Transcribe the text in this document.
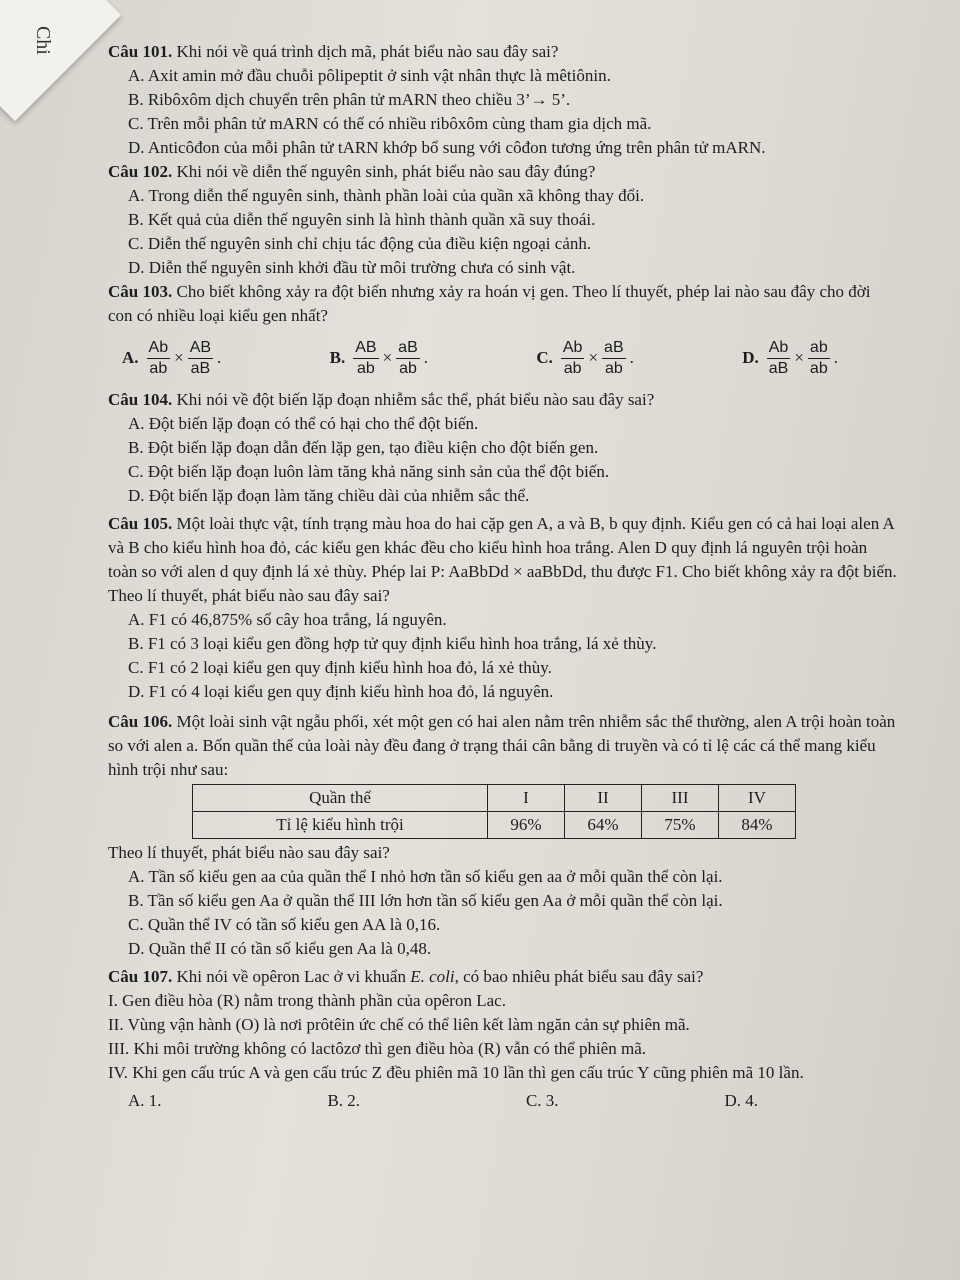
Chi	Câu 101. Khi nói về quá trình dịch mã, phát biểu nào sau đây sai?
A. Axit amin mở đầu chuỗi pôlipeptit ở sinh vật nhân thực là mêtiônin.
B. Ribôxôm dịch chuyển trên phân tử mARN theo chiều 3’→ 5’.
C. Trên mỗi phân tử mARN có thể có nhiều ribôxôm cùng tham gia dịch mã.
D. Anticôđon của mỗi phân tử tARN khớp bổ sung với côđon tương ứng trên phân tử mARN.
Câu 102. Khi nói về diễn thế nguyên sinh, phát biểu nào sau đây đúng?
A. Trong diễn thế nguyên sinh, thành phần loài của quần xã không thay đổi.
B. Kết quả của diễn thế nguyên sinh là hình thành quần xã suy thoái.
C. Diễn thế nguyên sinh chỉ chịu tác động của điều kiện ngoại cảnh.
D. Diễn thế nguyên sinh khởi đầu từ môi trường chưa có sinh vật.
Câu 103. Cho biết không xảy ra đột biến nhưng xảy ra hoán vị gen. Theo lí thuyết, phép lai nào sau đây cho đời con có nhiều loại kiểu gen nhất?
A. $\frac{Ab}{ab} \times \frac{AB}{aB}$ .	B. $\frac{AB}{ab} \times \frac{aB}{ab}$ .	C. $\frac{Ab}{ab} \times \frac{aB}{ab}$ .	D. $\frac{Ab}{aB} \times \frac{ab}{ab}$ .
Câu 104. Khi nói về đột biến lặp đoạn nhiễm sắc thể, phát biểu nào sau đây sai?
A. Đột biến lặp đoạn có thể có hại cho thể đột biến.
B. Đột biến lặp đoạn dẫn đến lặp gen, tạo điều kiện cho đột biến gen.
C. Đột biến lặp đoạn luôn làm tăng khả năng sinh sản của thể đột biến.
D. Đột biến lặp đoạn làm tăng chiều dài của nhiễm sắc thể.
Câu 105. Một loài thực vật, tính trạng màu hoa do hai cặp gen A, a và B, b quy định. Kiểu gen có cả hai loại alen A và B cho kiểu hình hoa đỏ, các kiểu gen khác đều cho kiểu hình hoa trắng. Alen D quy định lá nguyên trội hoàn toàn so với alen d quy định lá xẻ thùy. Phép lai P: AaBbDd × aaBbDd, thu được F1. Cho biết không xảy ra đột biến. Theo lí thuyết, phát biểu nào sau đây sai?
A. F1 có 46,875% số cây hoa trắng, lá nguyên.
B. F1 có 3 loại kiểu gen đồng hợp tử quy định kiểu hình hoa trắng, lá xẻ thùy.
C. F1 có 2 loại kiểu gen quy định kiểu hình hoa đỏ, lá xẻ thùy.
D. F1 có 4 loại kiểu gen quy định kiểu hình hoa đỏ, lá nguyên.
Câu 106. Một loài sinh vật ngẫu phối, xét một gen có hai alen nằm trên nhiễm sắc thể thường, alen A trội hoàn toàn so với alen a. Bốn quần thể của loài này đều đang ở trạng thái cân bằng di truyền và có tỉ lệ các cá thể mang kiểu hình trội như sau:
Quần thể	I	II	III	IV
Tỉ lệ kiểu hình trội	96%	64%	75%	84%
Theo lí thuyết, phát biểu nào sau đây sai?
A. Tần số kiểu gen aa của quần thể I nhỏ hơn tần số kiểu gen aa ở mỗi quần thể còn lại.
B. Tần số kiểu gen Aa ở quần thể III lớn hơn tần số kiểu gen Aa ở mỗi quần thể còn lại.
C. Quần thể IV có tần số kiểu gen AA là 0,16.
D. Quần thể II có tần số kiểu gen Aa là 0,48.
Câu 107. Khi nói về opêron Lac ở vi khuẩn E. coli, có bao nhiêu phát biểu sau đây sai?
I. Gen điều hòa (R) nằm trong thành phần của opêron Lac.
II. Vùng vận hành (O) là nơi prôtêin ức chế có thể liên kết làm ngăn cản sự phiên mã.
III. Khi môi trường không có lactôzơ thì gen điều hòa (R) vẫn có thể phiên mã.
IV. Khi gen cấu trúc A và gen cấu trúc Z đều phiên mã 10 lần thì gen cấu trúc Y cũng phiên mã 10 lần.
A. 1.	B. 2.	C. 3.	D. 4.
